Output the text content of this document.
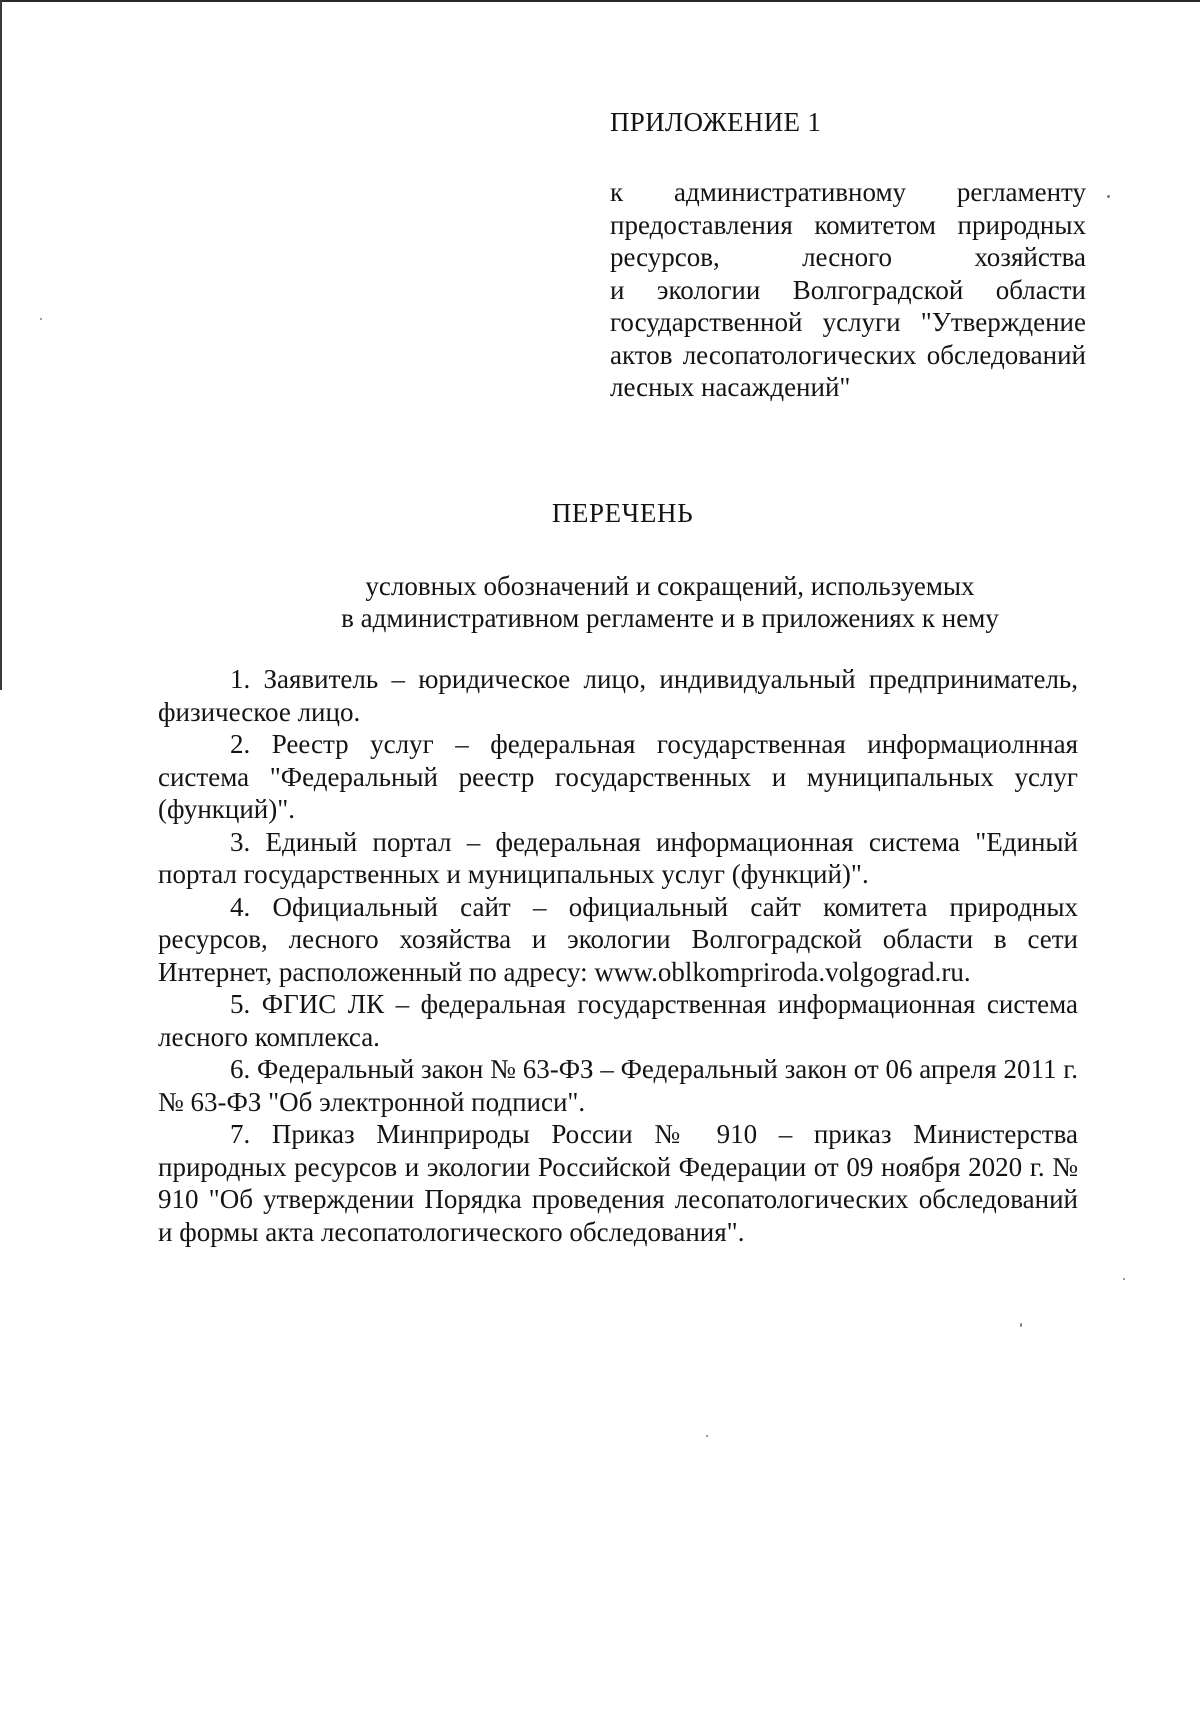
ПРИЛОЖЕНИЕ 1
к административному регламенту
предоставления комитетом природных
ресурсов, лесного хозяйства
и экологии Волгоградской области
государственной услуги "Утверждение
актов лесопатологических обследований
лесных насаждений"
ПЕРЕЧЕНЬ
условных обозначений и сокращений, используемых
в административном регламенте и в приложениях к нему

1. Заявитель – юридическое лицо, индивидуальный предприниматель, физическое лицо.

2. Реестр услуг – федеральная государственная информациолнная система "Федеральный реестр государственных и муниципальных услуг (функций)".

3. Единый портал – федеральная информационная система "Единый портал государственных и муниципальных услуг (функций)".

4. Официальный сайт – официальный сайт комитета природных ресурсов, лесного хозяйства и экологии Волгоградской области в сети Интернет, расположенный по адресу: www.oblkompriroda.volgograd.ru.

5. ФГИС ЛК – федеральная государственная информационная система лесного комплекса.

6. Федеральный закон № 63-ФЗ – Федеральный закон от 06 апреля 2011 г. № 63-ФЗ "Об электронной подписи".

7. Приказ Минприроды России № 910 – приказ Министерства природных ресурсов и экологии Российской Федерации от 09 ноября 2020 г. № 910 "Об утверждении Порядка проведения лесопатологических обследований и формы акта лесопатологического обследования".
